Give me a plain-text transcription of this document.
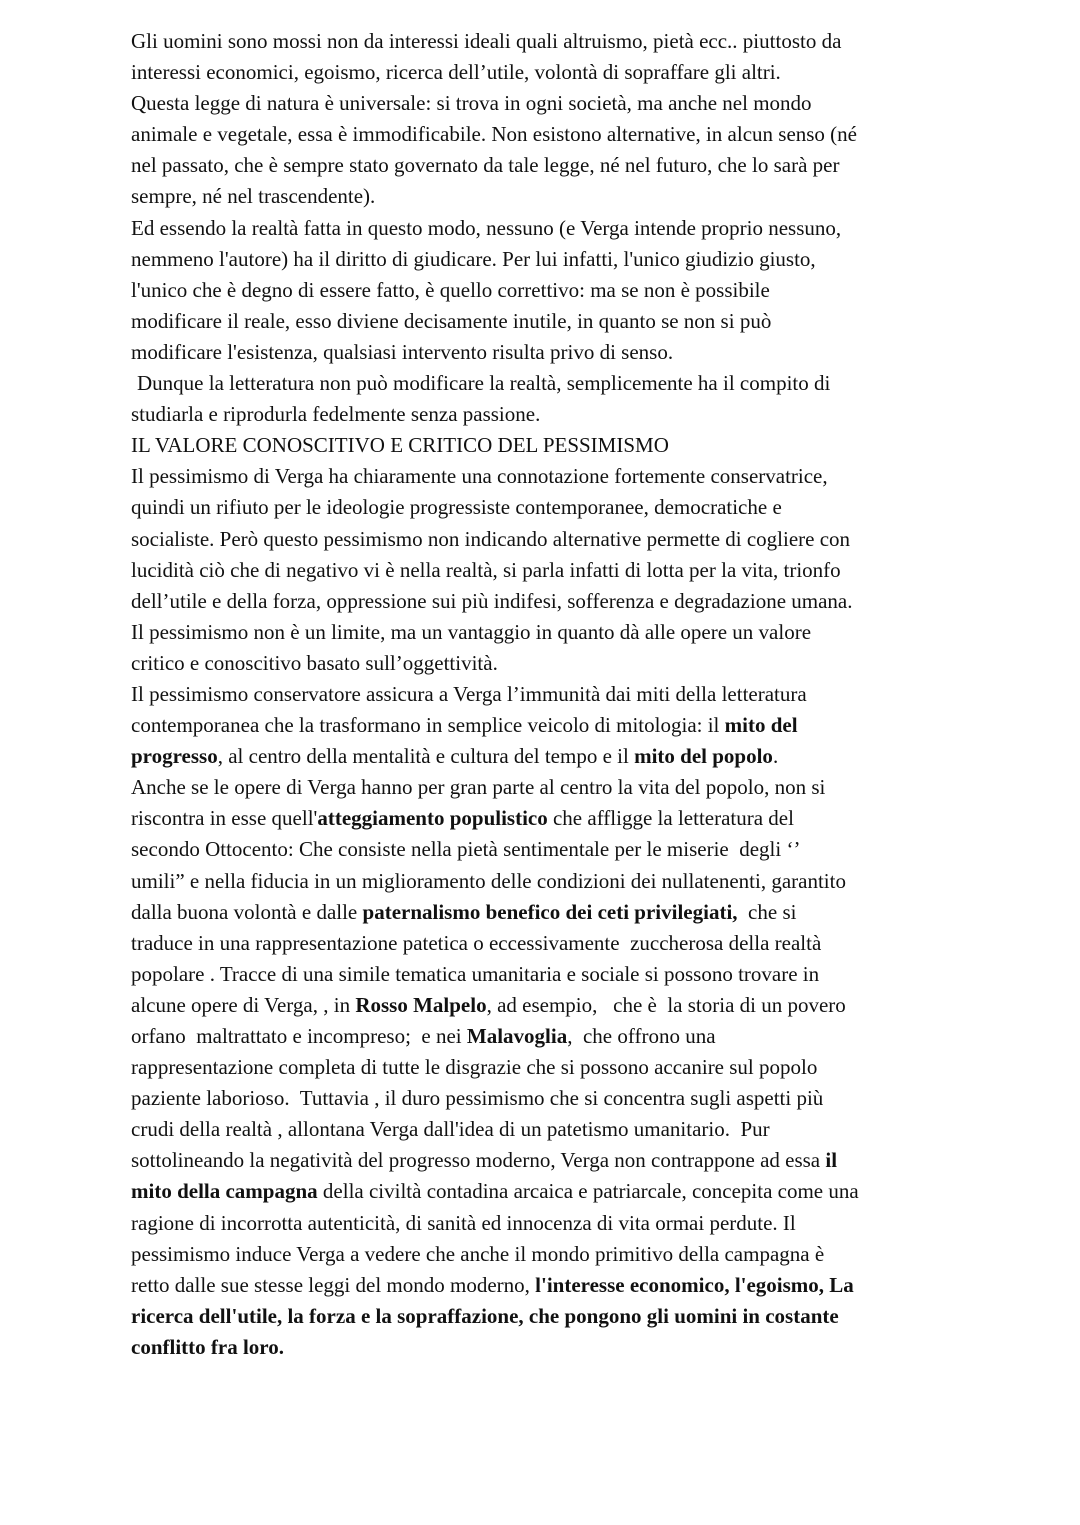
Gli uomini sono mossi non da interessi ideali quali altruismo, pietà ecc.. piuttosto da
interessi economici, egoismo, ricerca dell’utile, volontà di sopraffare gli altri.

Questa legge di natura è universale: si trova in ogni società, ma anche nel mondo
animale e vegetale, essa è immodificabile. Non esistono alternative, in alcun senso (né
nel passato, che è sempre stato governato da tale legge, né nel futuro, che lo sarà per
sempre, né nel trascendente).

Ed essendo la realtà fatta in questo modo, nessuno (e Verga intende proprio nessuno,
nemmeno l'autore) ha il diritto di giudicare. Per lui infatti, l'unico giudizio giusto,
l'unico che è degno di essere fatto, è quello correttivo: ma se non è possibile
modificare il reale, esso diviene decisamente inutile, in quanto se non si può
modificare l'esistenza, qualsiasi intervento risulta privo di senso.

Dunque la letteratura non può modificare la realtà, semplicemente ha il compito di
studiarla e riprodurla fedelmente senza passione.

IL VALORE CONOSCITIVO E CRITICO DEL PESSIMISMO

Il pessimismo di Verga ha chiaramente una connotazione fortemente conservatrice,
quindi un rifiuto per le ideologie progressiste contemporanee, democratiche e
socialiste. Però questo pessimismo non indicando alternative permette di cogliere con
lucidità ciò che di negativo vi è nella realtà, si parla infatti di lotta per la vita, trionfo
dell’utile e della forza, oppressione sui più indifesi, sofferenza e degradazione umana.

Il pessimismo non è un limite, ma un vantaggio in quanto dà alle opere un valore
critico e conoscitivo basato sull’oggettività.

Il pessimismo conservatore assicura a Verga l’immunità dai miti della letteratura
contemporanea che la trasformano in semplice veicolo di mitologia: il mito del
progresso, al centro della mentalità e cultura del tempo e il mito del popolo.

Anche se le opere di Verga hanno per gran parte al centro la vita del popolo, non si
riscontra in esse quell'atteggiamento populistico che affligge la letteratura del
secondo Ottocento: Che consiste nella pietà sentimentale per le miserie  degli ‘’
umili” e nella fiducia in un miglioramento delle condizioni dei nullatenenti, garantito
dalla buona volontà e dalle paternalismo benefico dei ceti privilegiati,  che si
traduce in una rappresentazione patetica o eccessivamente  zuccherosa della realtà
popolare . Tracce di una simile tematica umanitaria e sociale si possono trovare in
alcune opere di Verga, , in Rosso Malpelo, ad esempio,   che è  la storia di un povero
orfano  maltrattato e incompreso;  e nei Malavoglia,  che offrono una
rappresentazione completa di tutte le disgrazie che si possono accanire sul popolo
paziente laborioso.  Tuttavia , il duro pessimismo che si concentra sugli aspetti più
crudi della realtà , allontana Verga dall'idea di un patetismo umanitario.  Pur
sottolineando la negatività del progresso moderno, Verga non contrappone ad essa il
mito della campagna della civiltà contadina arcaica e patriarcale, concepita come una
ragione di incorrotta autenticità, di sanità ed innocenza di vita ormai perdute. Il
pessimismo induce Verga a vedere che anche il mondo primitivo della campagna è
retto dalle sue stesse leggi del mondo moderno, l'interesse economico, l'egoismo, La
ricerca dell'utile, la forza e la sopraffazione, che pongono gli uomini in costante
conflitto fra loro.
